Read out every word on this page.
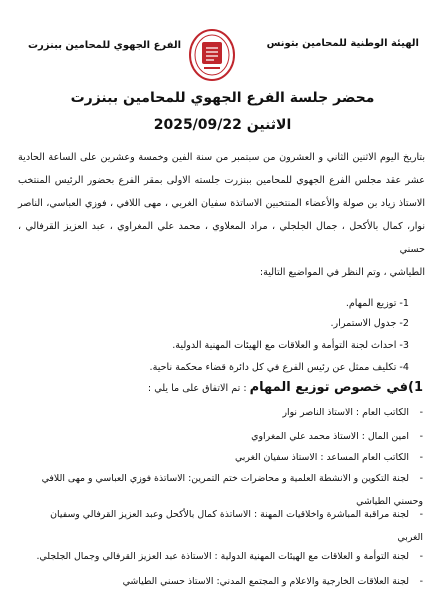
الهيئة الوطنية للمحامين بتونس
الفرع الجهوي للمحامين ببنزرت
محضر جلسة الفرع الجهوي للمحامين ببنزرت
الاثنين 2025/09/22
بتاريخ اليوم الاثنين الثاني و العشرون من سبتمبر من سنة الفين وخمسة وعشرين على الساعة الحادية عشر عقد مجلس الفرع الجهوي للمحامين ببنزرت جلسته الاولى بمقر الفرع بحضور الرئيس المنتخب الاستاذ زياد بن صولة والأعضاء المنتخبين الاساتذة سفيان الغربي ، مهى اللافي ، فوزي العباسي، الناصر نوار، كمال بالأكحل ، جمال الجلجلي ، مراد المعلاوي ، محمد علي المغراوي ، عبد العزيز القرفالي ، حسني
الطياشي ، وتم النظر في المواضيع التالية:
1- توزيع المهام.
2- جدول الاستمرار.
3- احداث لجنة التوأمة و العلاقات مع الهيئات المهنية الدولية.
4- تكليف ممثل عن رئيس الفرع في كل دائرة قضاء محكمة ناحية.
1)في خصوص توزيع المهام : تم الاتفاق على ما يلي :
-الكاتب العام : الاستاذ الناصر نوار
-امين المال : الاستاذ محمد علي المغراوي
-الكاتب العام المساعد : الاستاذ سفيان الغربي
-لجنة التكوين و الانشطة العلمية و محاضرات ختم التمرين: الاساتذة فوزي العباسي و مهى اللافي
وحسني الطياشي
-لجنة مراقبة المباشرة واخلاقيات المهنة : الاساتذة كمال بالأكحل وعبد العزيز القرفالي وسفيان
الغربي
-لجنة التوأمة و العلاقات مع الهيئات المهنية الدولية : الاستاذة عبد العزيز القرفالي وجمال الجلجلي.
-لجنة العلاقات الخارجية والاعلام و المجتمع المدني: الاستاذ حسني الطياشي
